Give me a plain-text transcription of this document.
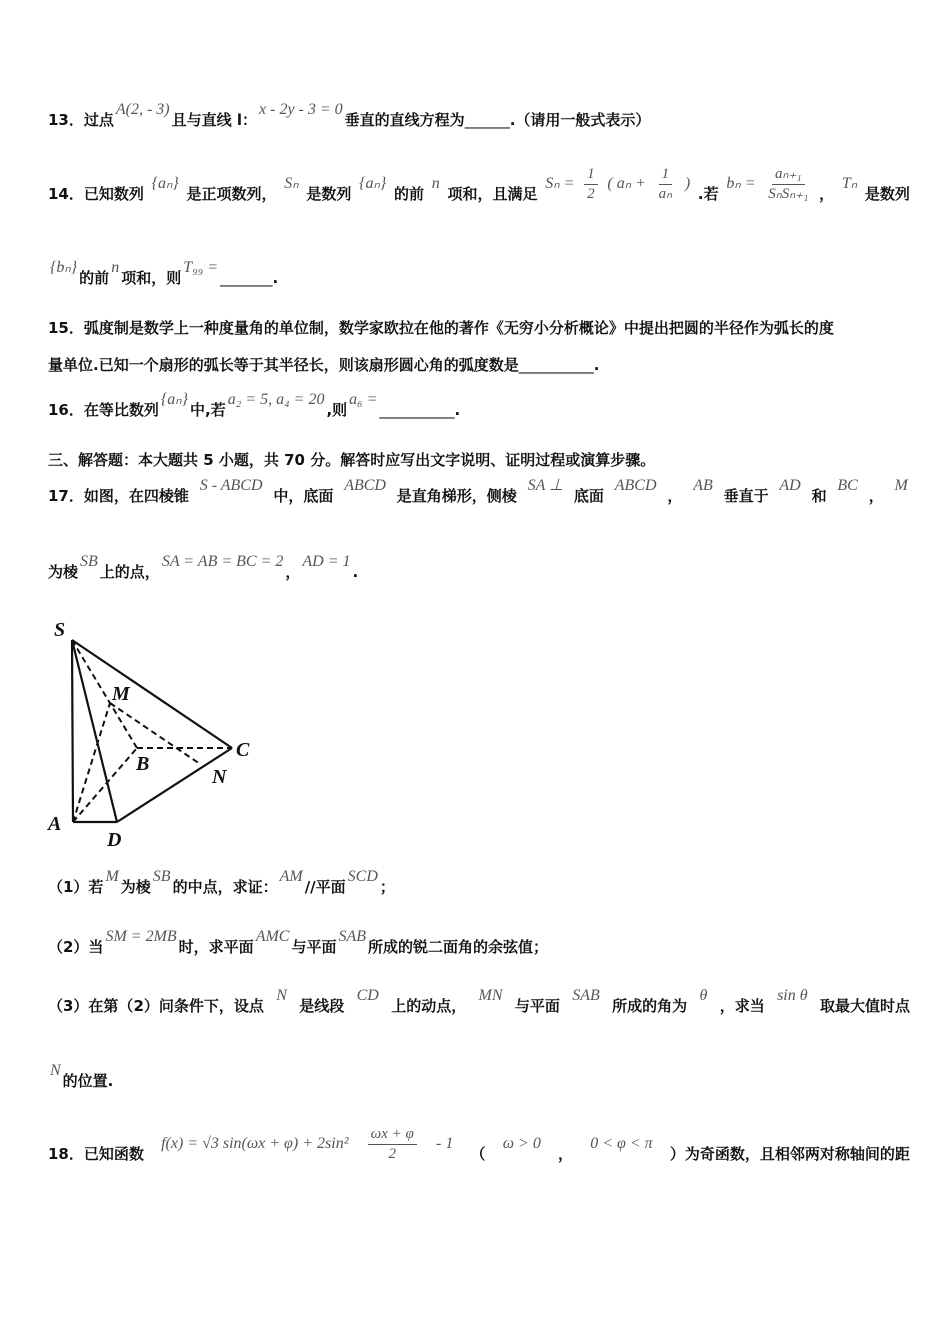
13．过点
A(2, - 3)
且与直线 l：
x - 2y - 3 = 0
垂直的直线方程为 ______ .（请用一般式表示）
14．已知数列
{aₙ}
是正项数列，
Sₙ
是数列
{aₙ}
的前
n
项和，且满足
$S_n = \frac{1}{2}$ ( $a_n + \frac{1}{\text{aₙ}}$ )
.若
$b_n = \frac{\text{aₙ₊₁}}{\text{SₙSₙ₊₁}}$ ，
Tₙ
是数列
{bₙ}
的前
n
项和，则
T₉₉ =
_______ .
15．弧度制是数学上一种度量角的单位制，数学家欧拉在他的著作《无穷小分析概论》中提出把圆的半径作为弧长的度
量单位.已知一个扇形的弧长等于其半径长，则该扇形圆心角的弧度数是 __________ .
16．在等比数列
{aₙ}
中,若
a₂ = 5, a₄ = 20
,则
a₆ =
__________ .
三、解答题：本大题共 5 小题，共 70 分。解答时应写出文字说明、证明过程或演算步骤。
17．如图，在四棱锥
S - ABCD
中，底面
ABCD
是直角梯形，侧棱
SA ⊥
底面
ABCD
，
AB
垂直于
AD
和
BC
，
M
为棱
SB
上的点，
SA = AB = BC = 2
，
AD = 1
.
S
M
B
C
N
A
D
（1）若
M
为棱
SB
的中点，求证：
AM
//平面
SCD
；
（2）当
SM = 2MB
时，求平面
AMC
与平面
SAB
所成的锐二面角的余弦值；
（3）在第（2）问条件下，设点
N
是线段
CD
上的动点，
MN
与平面
SAB
所成的角为
θ
，求当
sin θ
取最大值时点
N
的位置.
18．已知函数
f(x) = √3 $\sin(\omega x + \varphi) + 2\sin^2 \frac{\omega x + \varphi}{2} - 1$
（
ω > 0
，
0 < φ < π
）为奇函数，且相邻两对称轴间的距
